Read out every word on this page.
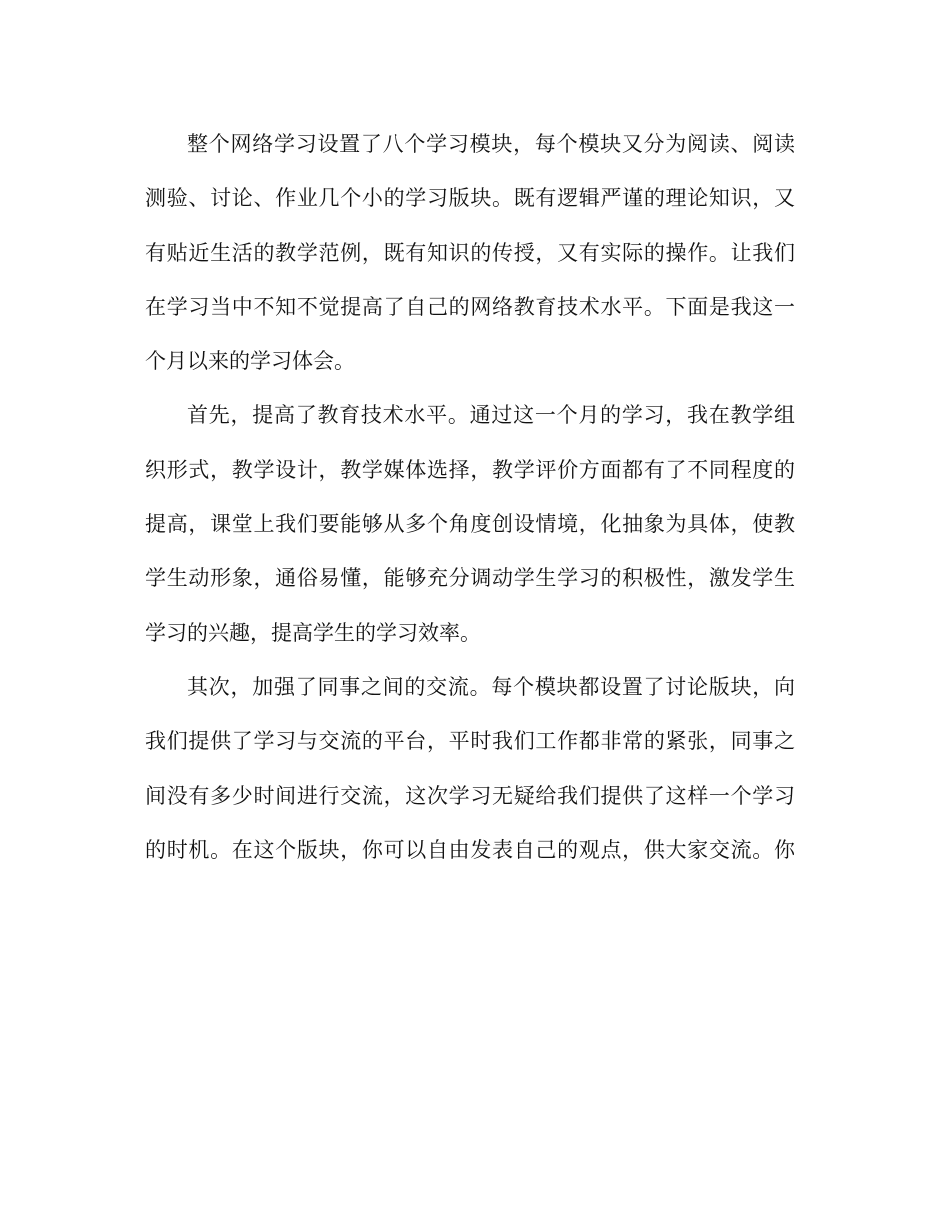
整个网络学习设置了八个学习模块，每个模块又分为阅读、阅读
测验、讨论、作业几个小的学习版块。既有逻辑严谨的理论知识，又
有贴近生活的教学范例，既有知识的传授，又有实际的操作。让我们
在学习当中不知不觉提高了自己的网络教育技术水平。下面是我这一
个月以来的学习体会。
首先，提高了教育技术水平。通过这一个月的学习，我在教学组
织形式，教学设计，教学媒体选择，教学评价方面都有了不同程度的
提高，课堂上我们要能够从多个角度创设情境，化抽象为具体，使教
学生动形象，通俗易懂，能够充分调动学生学习的积极性，激发学生
学习的兴趣，提高学生的学习效率。
其次，加强了同事之间的交流。每个模块都设置了讨论版块，向
我们提供了学习与交流的平台，平时我们工作都非常的紧张，同事之
间没有多少时间进行交流，这次学习无疑给我们提供了这样一个学习
的时机。在这个版块，你可以自由发表自己的观点，供大家交流。你
